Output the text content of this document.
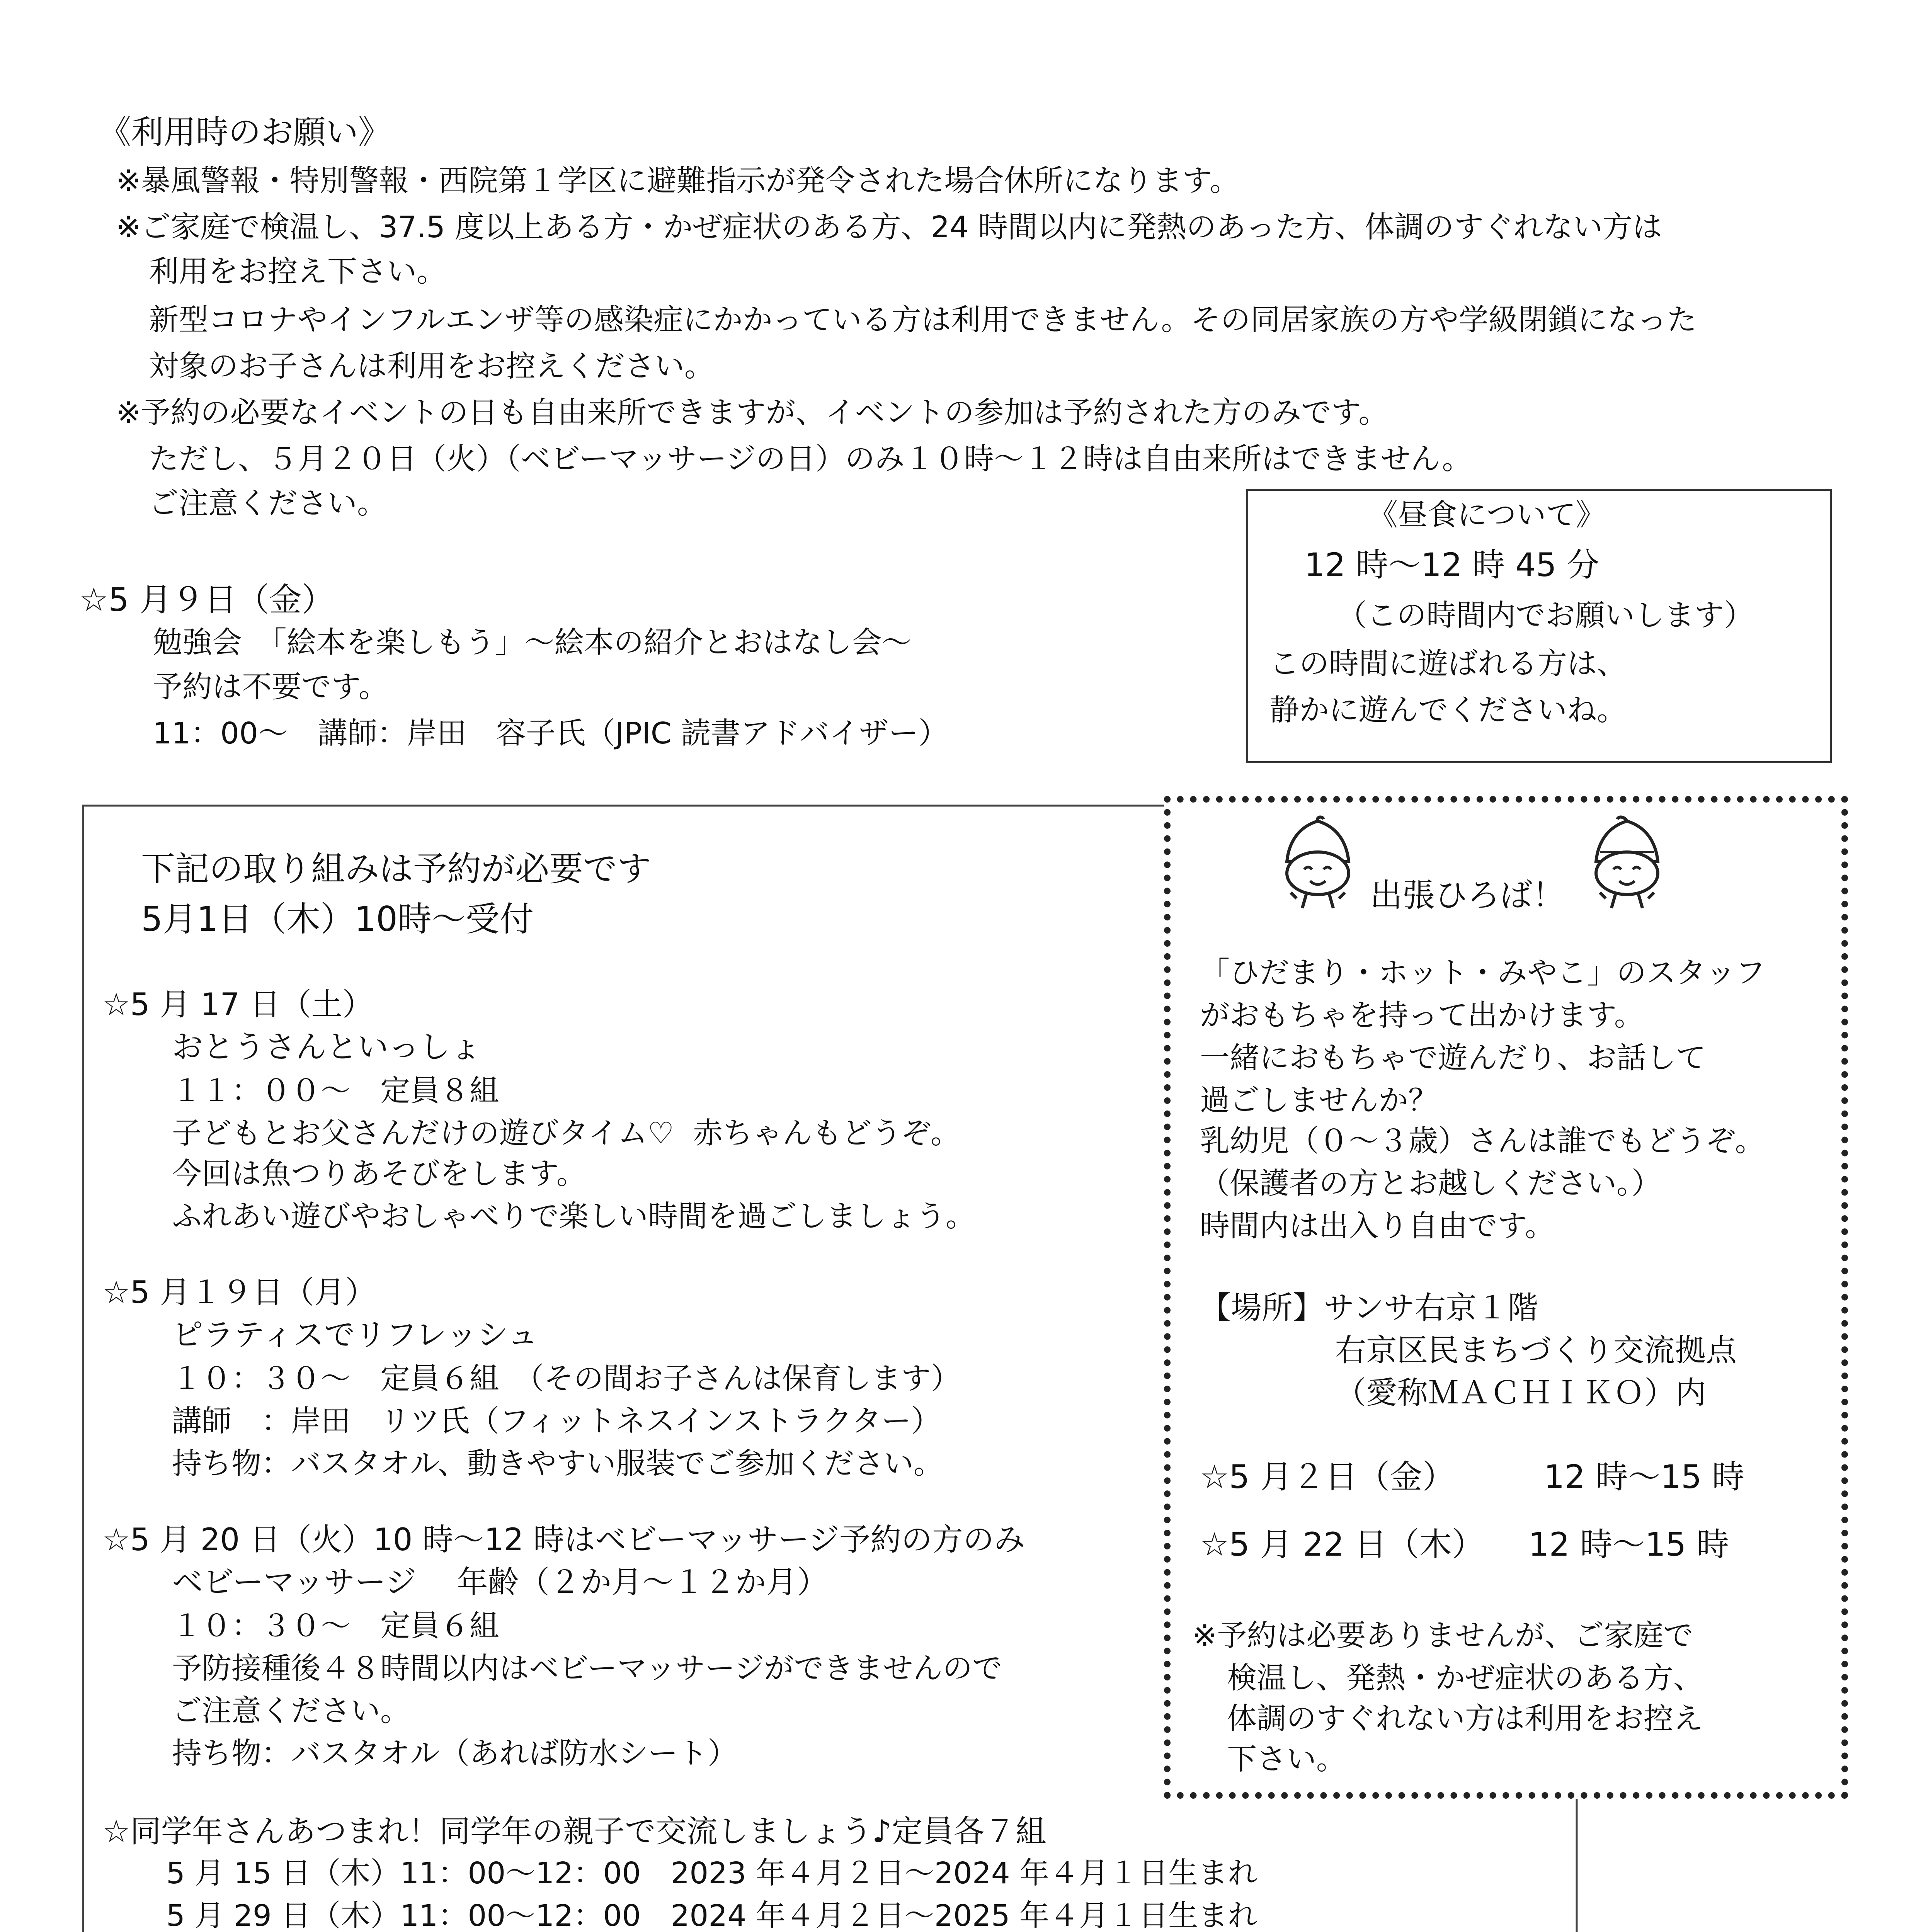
《利用時のお願い》
※暴風警報・特別警報・西院第１学区に避難指示が発令された場合休所になります。
※ご家庭で検温し、37.5 度以上ある方・かぜ症状のある方、24 時間以内に発熱のあった方、体調のすぐれない方は
利用をお控え下さい。
新型コロナやインフルエンザ等の感染症にかかっている方は利用できません。その同居家族の方や学級閉鎖になった
対象のお子さんは利用をお控えください。
※予約の必要なイベントの日も自由来所できますが、イベントの参加は予約された方のみです。
ただし、５月２０日（火）（ベビーマッサージの日）のみ１０時～１２時は自由来所はできません。
ご注意ください。	《昼食について》
12 時～12 時 45 分
（この時間内でお願いします）
この時間に遊ばれる方は、
静かに遊んでくださいね。
☆5 月９日（金）
勉強会　「絵本を楽しもう」～絵本の紹介とおはなし会～
予約は不要です。
11：00～　講師：岸田　容子氏（JPIC 読書アドバイザー）
下記の取り組みは予約が必要です
5月1日（木）10時～受付
☆5 月 17 日（土）
おとうさんといっしょ
１１：００～　定員８組
子どもとお父さんだけの遊びタイム♡  赤ちゃんもどうぞ。
今回は魚つりあそびをします。
ふれあい遊びやおしゃべりで楽しい時間を過ごしましょう。
☆5 月１９日（月）
ピラティスでリフレッシュ
１０：３０～　定員６組　（その間お子さんは保育します）
講師　：岸田　リツ氏（フィットネスインストラクター）
持ち物：バスタオル、動きやすい服装でご参加ください。
☆5 月 20 日（火）10 時～12 時はベビーマッサージ予約の方のみ
ベビーマッサージ　 年齢（２か月～１２か月）
１０：３０～　定員６組
予防接種後４８時間以内はベビーマッサージができませんので
ご注意ください。
持ち物：バスタオル（あれば防水シート）
☆同学年さんあつまれ！同学年の親子で交流しましょう♪定員各７組
5 月 15 日（木）11：00～12：00　2023 年４月２日～2024 年４月１日生まれ
5 月 29 日（木）11：00～12：00　2024 年４月２日～2025 年４月１日生まれ
出張ひろば！
「ひだまり・ホット・みやこ」のスタッフ
がおもちゃを持って出かけます。
一緒におもちゃで遊んだり、お話して
過ごしませんか？
乳幼児（０～３歳）さんは誰でもどうぞ。
（保護者の方とお越しください。）
時間内は出入り自由です。
【場所】サンサ右京１階
右京区民まちづくり交流拠点
（愛称ＭＡＣＨＩＫＯ）内
☆5 月２日（金）	12 時～15 時
☆5 月 22 日（木） 12 時～15 時
※予約は必要ありませんが、ご家庭で
検温し、発熱・かぜ症状のある方、
体調のすぐれない方は利用をお控え
下さい。
